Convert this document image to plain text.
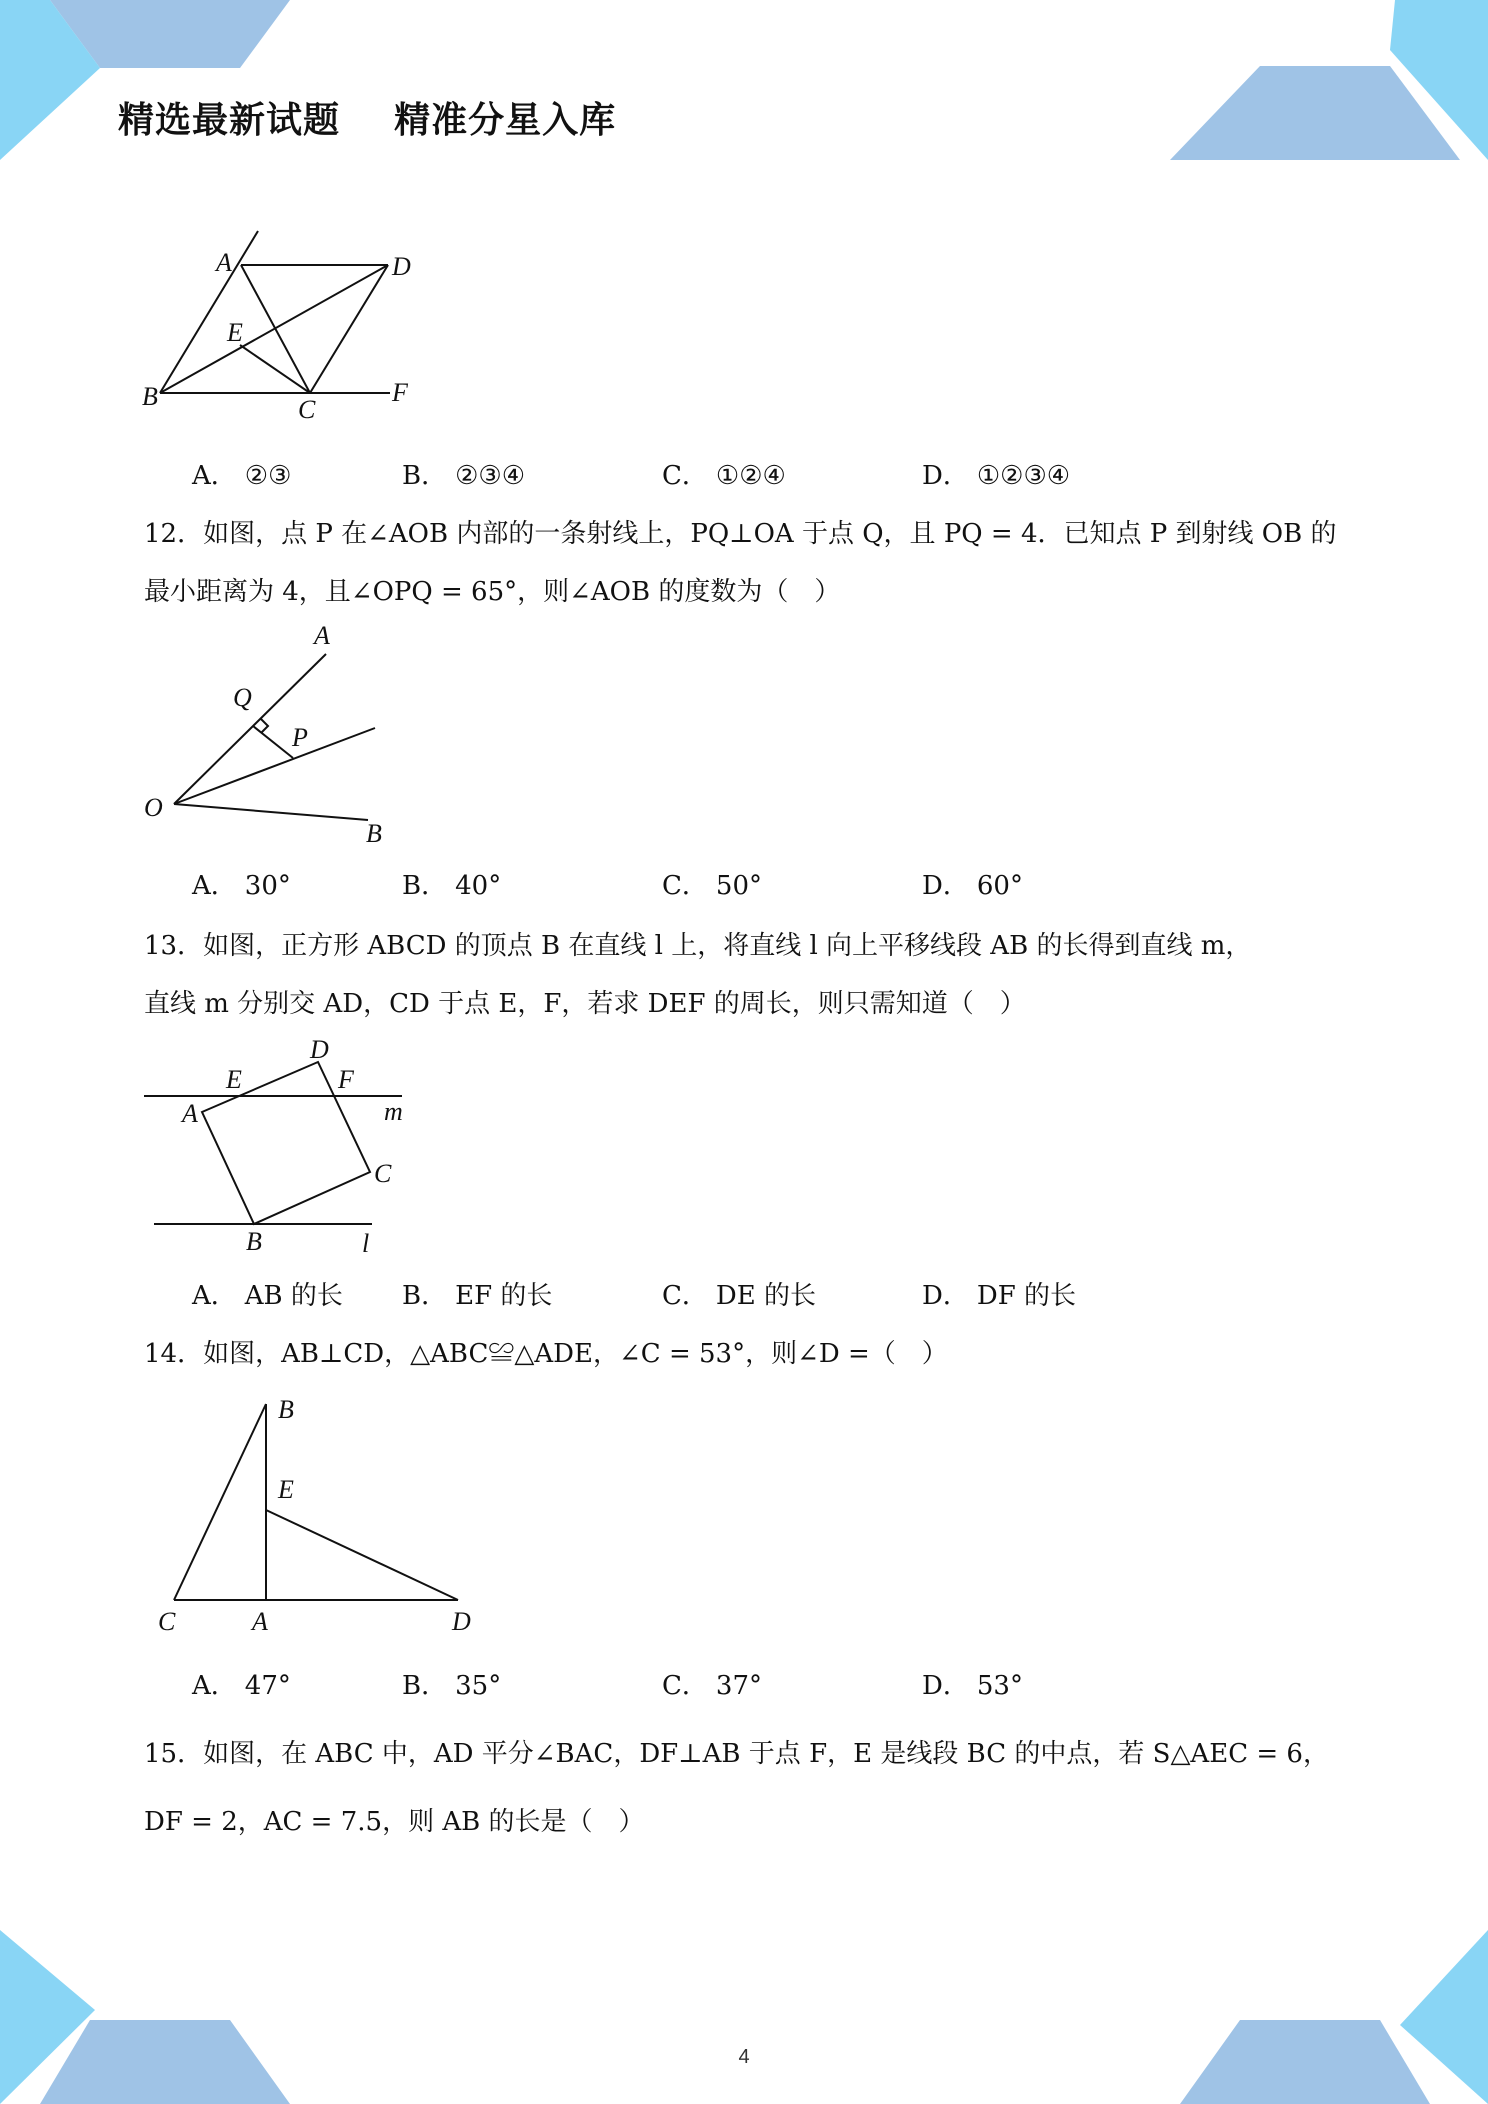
精选最新试题    精准分星入库
A	D
E
B	C
F
A． ②③	B． ②③④	C． ①②④	D． ①②③④
12．如图，点 P 在∠AOB 内部的一条射线上，PQ⊥OA 于点 Q，且 PQ = 4．已知点 P 到射线 OB 的
最小距离为 4，且∠OPQ = 65°，则∠AOB 的度数为（　）
A
Q
P
O
B
A． 30°	B． 40°	C． 50°	D． 60°
13．如图，正方形 ABCD 的顶点 B 在直线 l 上，将直线 l 向上平移线段 AB 的长得到直线 m，
直线 m 分别交 AD，CD 于点 E，F，若求 DEF 的周长，则只需知道（　）
D
E	F
m
A
C
B	l
A． AB 的长 B． EF 的长	C． DE 的长	D． DF 的长
14．如图，AB⊥CD，△ABC≌△ADE，∠C = 53°，则∠D =（　）
B
E
C	A	D
A． 47°	B． 35°	C． 37°	D． 53°
15．如图，在 ABC 中，AD 平分∠BAC，DF⊥AB 于点 F，E 是线段 BC 的中点，若 S△AEC = 6，
DF = 2，AC = 7.5，则 AB 的长是（　）
4
